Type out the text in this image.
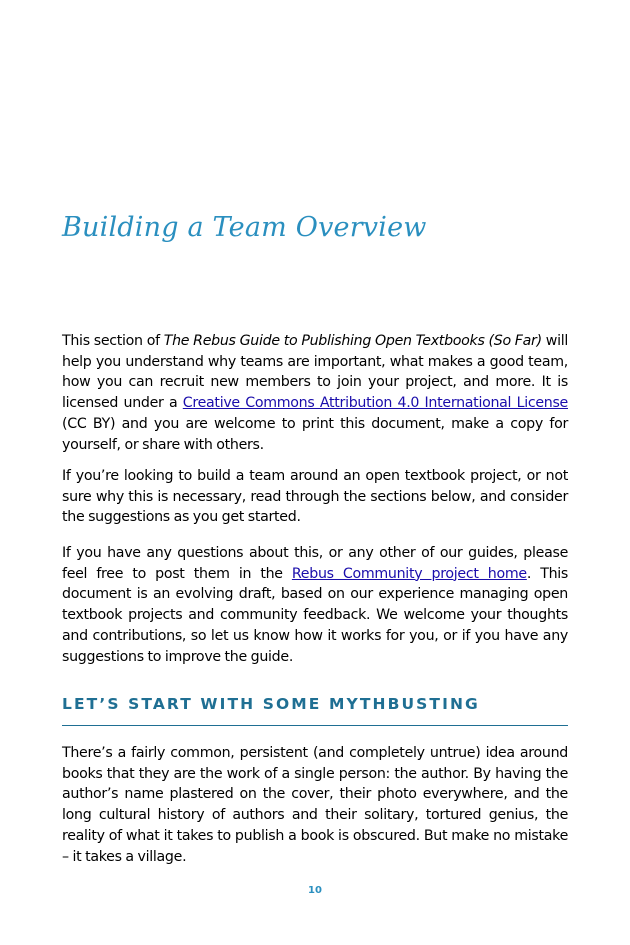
Building a Team Overview

This section of The Rebus Guide to Publishing Open Textbooks (So Far) will help you understand why teams are important, what makes a good team, how you can recruit new members to join your project, and more. It is licensed under a Creative Commons Attribution 4.0 International License (CC BY) and you are welcome to print this document, make a copy for yourself, or share with others.

If you’re looking to build a team around an open textbook project, or not sure why this is necessary, read through the sections below, and consider the suggestions as you get started.

If you have any questions about this, or any other of our guides, please feel free to post them in the Rebus Community project home. This document is an evolving draft, based on our experience managing open textbook projects and community feedback. We welcome your thoughts and contributions, so let us know how it works for you, or if you have any suggestions to improve the guide.

LET’S START WITH SOME MYTHBUSTING

There’s a fairly common, persistent (and completely untrue) idea around books that they are the work of a single person: the author. By having the author’s name plastered on the cover, their photo everywhere, and the long cultural history of authors and their solitary, tortured genius, the reality of what it takes to publish a book is obscured. But make no mistake – it takes a village.

10
